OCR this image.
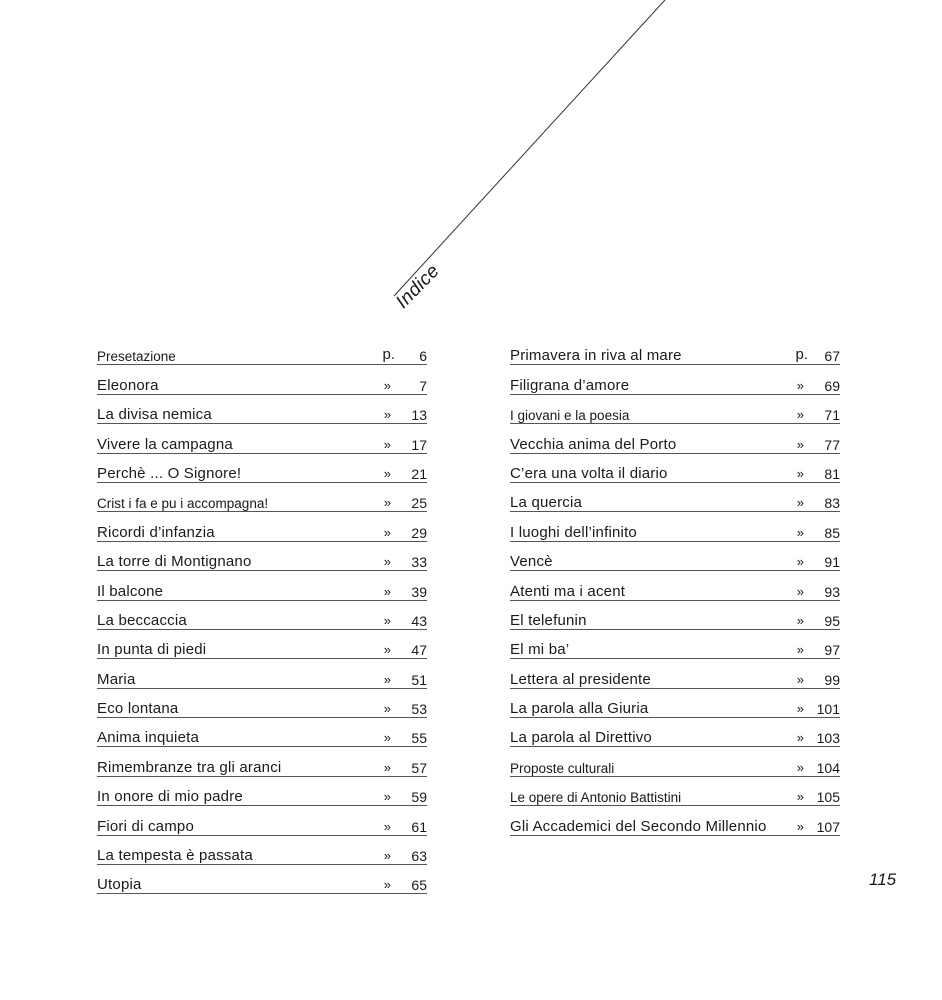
Indice
Presetazione	p. 6
Eleonora	» 7
La divisa nemica	» 13
Vivere la campagna	» 17
Perchè ... O Signore!	» 21
Crist i fa e pu i accompagna!	» 25
Ricordi d’infanzia	» 29
La torre di Montignano	» 33
Il balcone	» 39
La beccaccia	» 43
In punta di piedi	» 47
Maria	» 51
Eco lontana	» 53
Anima inquieta	» 55
Rimembranze tra gli aranci	» 57
In onore di mio padre	» 59
Fiori di campo	» 61
La tempesta è passata	» 63
Utopia	» 65
Primavera in riva al mare	p. 67
Filigrana d’amore	» 69
I giovani e la poesia	» 71
Vecchia anima del Porto	» 77
C’era una volta il diario	» 81
La quercia	» 83
I luoghi dell’infinito	» 85
Vencè	» 91
Atenti ma i acent	» 93
El telefunin	» 95
El mi ba’	» 97
Lettera al presidente	» 99
La parola alla Giuria	» 101
La parola al Direttivo	» 103
Proposte culturali	» 104
Le opere di Antonio Battistini	» 105
Gli Accademici del Secondo Millennio » 107
115
